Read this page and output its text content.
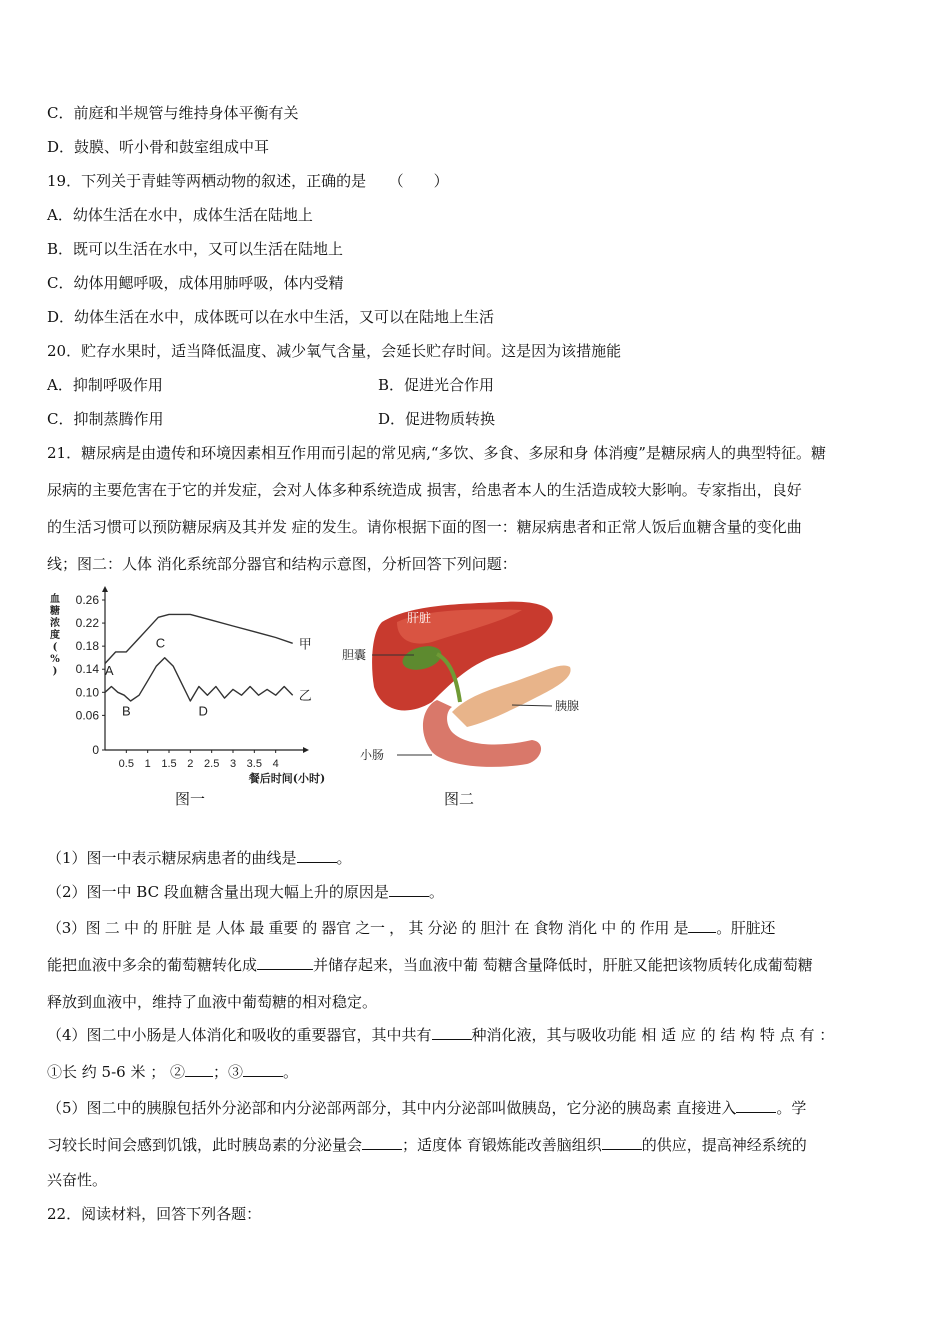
C．前庭和半规管与维持身体平衡有关
D．鼓膜、听小骨和鼓室组成中耳
19．下列关于青蛙等两栖动物的叙述，正确的是　　（　　）
A．幼体生活在水中，成体生活在陆地上
B．既可以生活在水中，又可以生活在陆地上
C．幼体用鳃呼吸，成体用肺呼吸，体内受精
D．幼体生活在水中，成体既可以在水中生活，又可以在陆地上生活
20．贮存水果时，适当降低温度、减少氧气含量，会延长贮存时间。这是因为该措施能
A．抑制呼吸作用	B．促进光合作用
C．抑制蒸腾作用	D．促进物质转换
21．糖尿病是由遗传和环境因素相互作用而引起的常见病,“多饮、多食、多尿和身 体消瘦”是糖尿病人的典型特征。糖
尿病的主要危害在于它的并发症，会对人体多种系统造成 损害，给患者本人的生活造成较大影响。专家指出，良好
的生活习惯可以预防糖尿病及其并发 症的发生。请你根据下面的图一：糖尿病患者和正常人饭后血糖含量的变化曲
线；图二：人体 消化系统部分器官和结构示意图，分析回答下列问题：
0
0.06
0.10
0.14
0.18
0.22
0.26
0.5 1 1.5 2 2.5 3 3.5 4
餐后时间(小时)
血
糖
浓
度
(
%
)
甲
乙
A
B
C
D
图一
肝脏
胆囊
胰腺
小肠
图二
（1）图一中表示糖尿病患者的曲线是	。
（2）图一中 BC 段血糖含量出现大幅上升的原因是	。
（3）图 二 中 的 肝脏 是 人体 最 重要 的 器官 之一 ， 其 分泌 的 胆汁 在 食物 消化 中 的 作用 是 。肝脏还
能把血液中多余的葡萄糖转化成	并储存起来，当血液中葡 萄糖含量降低时，肝脏又能把该物质转化成葡萄糖
释放到血液中，维持了血液中葡萄糖的相对稳定。
（4）图二中小肠是人体消化和吸收的重要器官，其中共有	种消化液，其与吸收功能 相 适 应 的 结 构 特 点 有 ：
①长 约 5-6 米 ； ② ；③	。
（5）图二中的胰腺包括外分泌部和内分泌部两部分，其中内分泌部叫做胰岛，它分泌的胰岛素 直接进入	。学
习较长时间会感到饥饿，此时胰岛素的分泌量会	；适度体 育锻炼能改善脑组织	的供应，提高神经系统的
兴奋性。
22．阅读材料，回答下列各题：
